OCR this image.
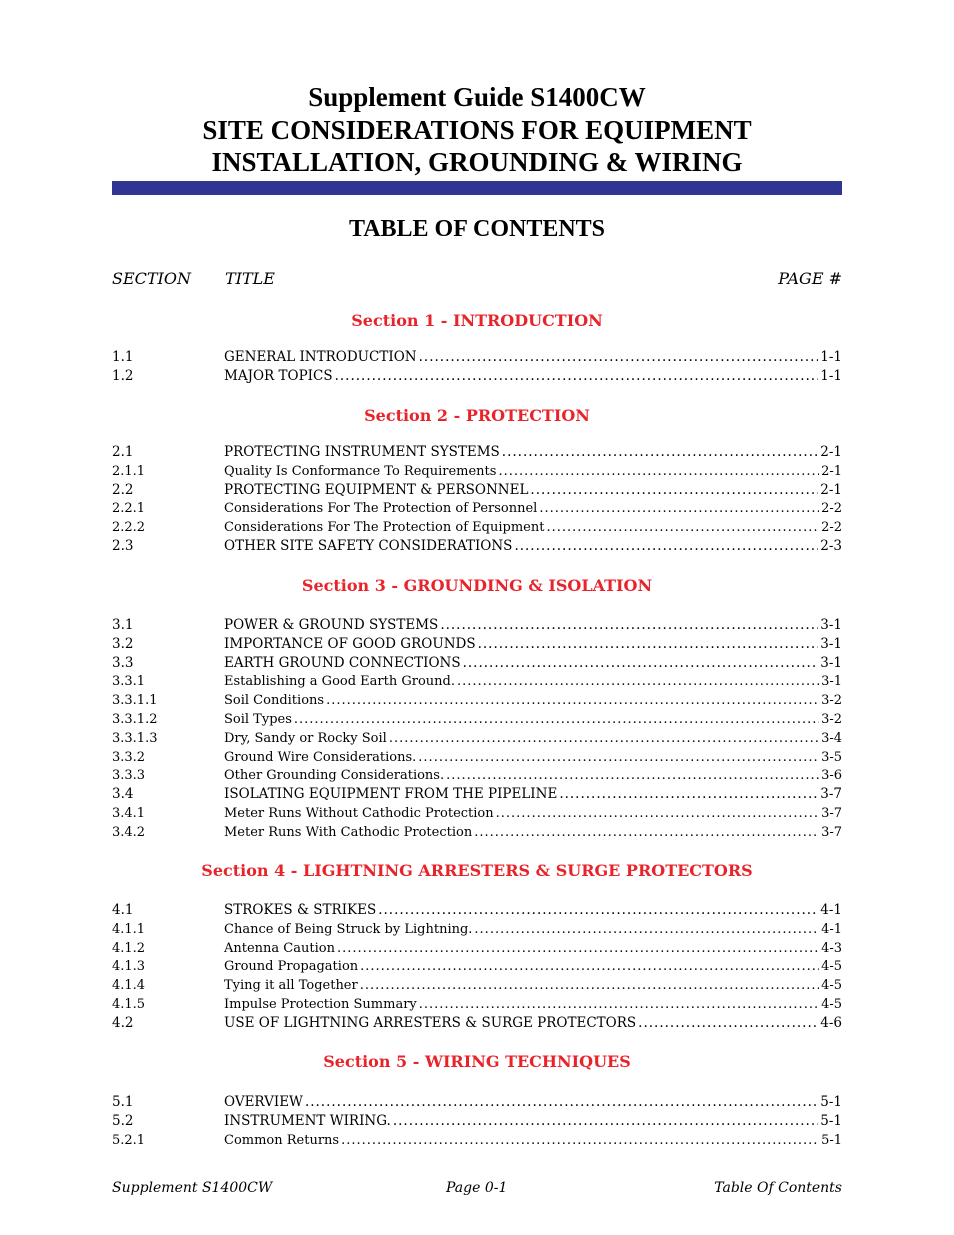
Supplement Guide S1400CW
SITE CONSIDERATIONS FOR EQUIPMENT
INSTALLATION, GROUNDING & WIRING
TABLE OF CONTENTS
SECTION TITLE	PAGE #
Section 1 - INTRODUCTION
1.1	GENERAL INTRODUCTION .....	1-1
1.2	MAJOR TOPICS .....	1-1
Section 2 - PROTECTION
2.1	PROTECTING INSTRUMENT SYSTEMS .....	2-1
2.1.1	Quality Is Conformance To Requirements .....	2-1
2.2	PROTECTING EQUIPMENT & PERSONNEL .....	2-1
2.2.1	Considerations For The Protection of Personnel .....	2-2
2.2.2	Considerations For The Protection of Equipment .....	2-2
2.3	OTHER SITE SAFETY CONSIDERATIONS .....	2-3
Section 3 - GROUNDING & ISOLATION
3.1	POWER & GROUND SYSTEMS .....	3-1
3.2	IMPORTANCE OF GOOD GROUNDS .....	3-1
3.3	EARTH GROUND CONNECTIONS .....	3-1
3.3.1	Establishing a Good Earth Ground. .....	3-1
3.3.1.1	Soil Conditions .....	3-2
3.3.1.2	Soil Types .....	3-2
3.3.1.3	Dry, Sandy or Rocky Soil .....	3-4
3.3.2	Ground Wire Considerations. .....	3-5
3.3.3	Other Grounding Considerations. .....	3-6
3.4	ISOLATING EQUIPMENT FROM THE PIPELINE .....	3-7
3.4.1	Meter Runs Without Cathodic Protection .....	3-7
3.4.2	Meter Runs With Cathodic Protection .....	3-7
Section 4 - LIGHTNING ARRESTERS & SURGE PROTECTORS
4.1	STROKES & STRIKES .....	4-1
4.1.1	Chance of Being Struck by Lightning. .....	4-1
4.1.2	Antenna Caution .....	4-3
4.1.3	Ground Propagation .....	4-5
4.1.4	Tying it all Together .....	4-5
4.1.5	Impulse Protection Summary .....	4-5
4.2	USE OF LIGHTNING ARRESTERS & SURGE PROTECTORS .....	4-6
Section 5 - WIRING TECHNIQUES
5.1	OVERVIEW .....	5-1
5.2	INSTRUMENT WIRING. .....	5-1
5.2.1	Common Returns .....	5-1
Supplement S1400CW	Page 0-1	Table Of Contents
